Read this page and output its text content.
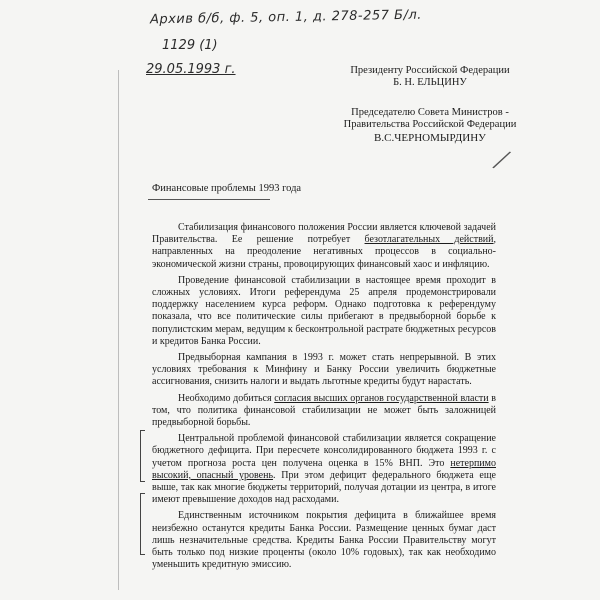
Архив б/б, ф. 5, оп. 1, д. 278-257 Б/л.
1129 (1)
29.05.1993 г.	Президенту Российской Федерации
Б. Н. ЕЛЬЦИНУ
Председателю Совета Министров -
Правительства Российской Федерации
В.С.ЧЕРНОМЫРДИНУ
╱
Финансовые проблемы 1993 года

Стабилизация финансового положения России является ключевой задачей Правительства. Ее решение потребует безотлагательных действий, направленных на преодоление негативных процессов в социально-экономической жизни страны, провоцирующих финансовый хаос и инфляцию.

Проведение финансовой стабилизации в настоящее время проходит в сложных условиях. Итоги референдума 25 апреля продемонстрировали поддержку населением курса реформ. Однако подготовка к референдуму показала, что все политические силы прибегают в предвыборной борьбе к популистским мерам, ведущим к бесконтрольной растрате бюджетных ресурсов и кредитов Банка России.

Предвыборная кампания в 1993 г. может стать непрерывной. В этих условиях требования к Минфину и Банку России увеличить бюджетные ассигнования, снизить налоги и выдать льготные кредиты будут нарастать.

Необходимо добиться согласия высших органов государственной власти в том, что политика финансовой стабилизации не может быть заложницей предвыборной борьбы.

Центральной проблемой финансовой стабилизации является сокращение бюджетного дефицита. При пересчете консолидированного бюджета 1993 г. с учетом прогноза роста цен получена оценка в 15% ВНП. Это нетерпимо высокий, опасный уровень. При этом дефицит федерального бюджета еще выше, так как многие бюджеты территорий, получая дотации из центра, в итоге имеют превышение доходов над расходами.

Единственным источником покрытия дефицита в ближайшее время неизбежно останутся кредиты Банка России. Размещение ценных бумаг даст лишь незначительные средства. Кредиты Банка России Правительству могут быть только под низкие проценты (около 10% годовых), так как необходимо уменьшить кредитную эмиссию.
